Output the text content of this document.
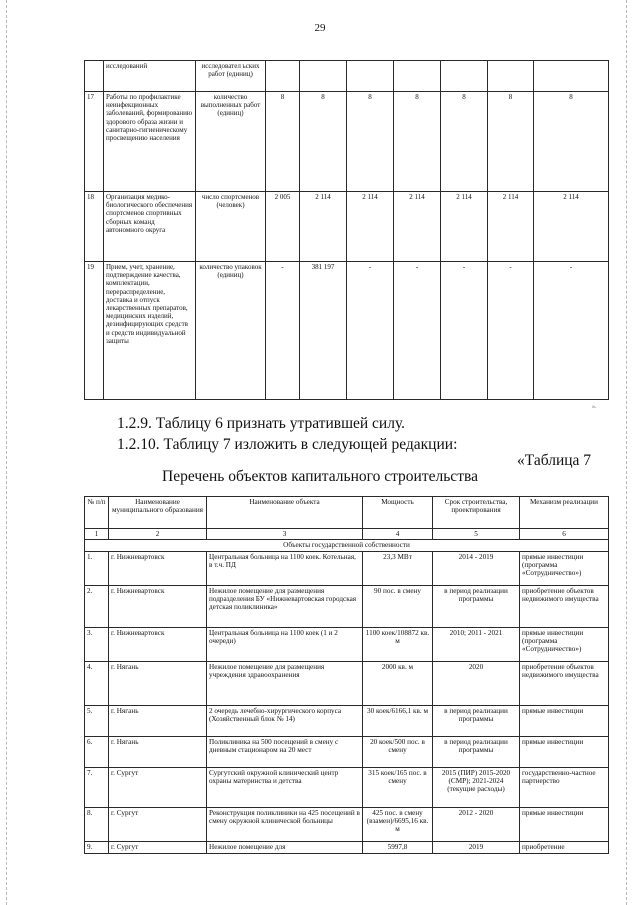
29
	исследований	исследовател ьских работ (единиц)							
17	Работы по профилактике неинфекционных заболеваний, формированию здорового образа жизни и санитарно-гигиеническому просвещению населения	количество выполненных работ (единиц)	8	8	8	8	8	8	8
18	Организация медико-биологического обеспечения спортсменов спортивных сборных команд автономного округа	число спортсменов (человек)	2 005	2 114	2 114	2 114	2 114	2 114	2 114
19	Прием, учет, хранение, подтверждение качества, комплектации, перераспределение, доставка и отпуск лекарственных препаратов, медицинских изделий, дезинфицирующих средств и средств индивидуальной защиты	количество упаковок (единиц)	-	381 197	-	-	-	-	-
».
1.2.9. Таблицу 6 признать утратившей силу.
1.2.10. Таблицу 7 изложить в следующей редакции:
«Таблица 7
Перечень объектов капитального строительства
№ п/п	Наименование муниципального образования	Наименование объекта	Мощность	Срок строительства, проектирования	Механизм реализации
1	2	3	4	5	6
Объекты государственной собственности					
1.	г. Нижневартовск	Центральная больница на 1100 коек. Котельная, в т.ч. ПД	23,3 МВт	2014 - 2019	прямые инвестиции (программа «Сотрудничество»)
2.	г. Нижневартовск	Нежилое помещение для размещения подразделения БУ «Нижневартовская городская детская поликлиника»	90 пос. в смену	в период реализации программы	приобретение объектов недвижимого имущества
3.	г. Нижневартовск	Центральная больница на 1100 коек (1 и 2 очереди)	1100 коек/108872 кв. м	2010; 2011 - 2021	прямые инвестиции (программа «Сотрудничество»)
4.	г. Нягань	Нежилое помещение для размещения учреждения здравоохранения	2000 кв. м	2020	приобретение объектов недвижимого имущества
5.	г. Нягань	2 очередь лечебно-хирургического корпуса (Хозяйственный блок № 14)	30 коек/6166,1 кв. м	в период реализации программы	прямые инвестиции
6.	г. Нягань	Поликлиника на 500 посещений в смену с дневным стационаром на 20 мест	20 коек/500 пос. в смену	в период реализации программы	прямые инвестиции
7.	г. Сургут	Сургутский окружной клинический центр охраны материнства и детства	315 коек/165 пос. в смену	2015 (ПИР) 2015-2020 (СМР); 2021-2024 (текущие расходы)	государственно-частное партнерство
8.	г. Сургут	Реконструкция поликлиники на 425 посещений в смену окружной клинической больницы	425 пос. в смену (взамен)/6695,16 кв. м	2012 - 2020	прямые инвестиции
9.	г. Сургут	Нежилое помещение для	5997,8	2019	приобретение
